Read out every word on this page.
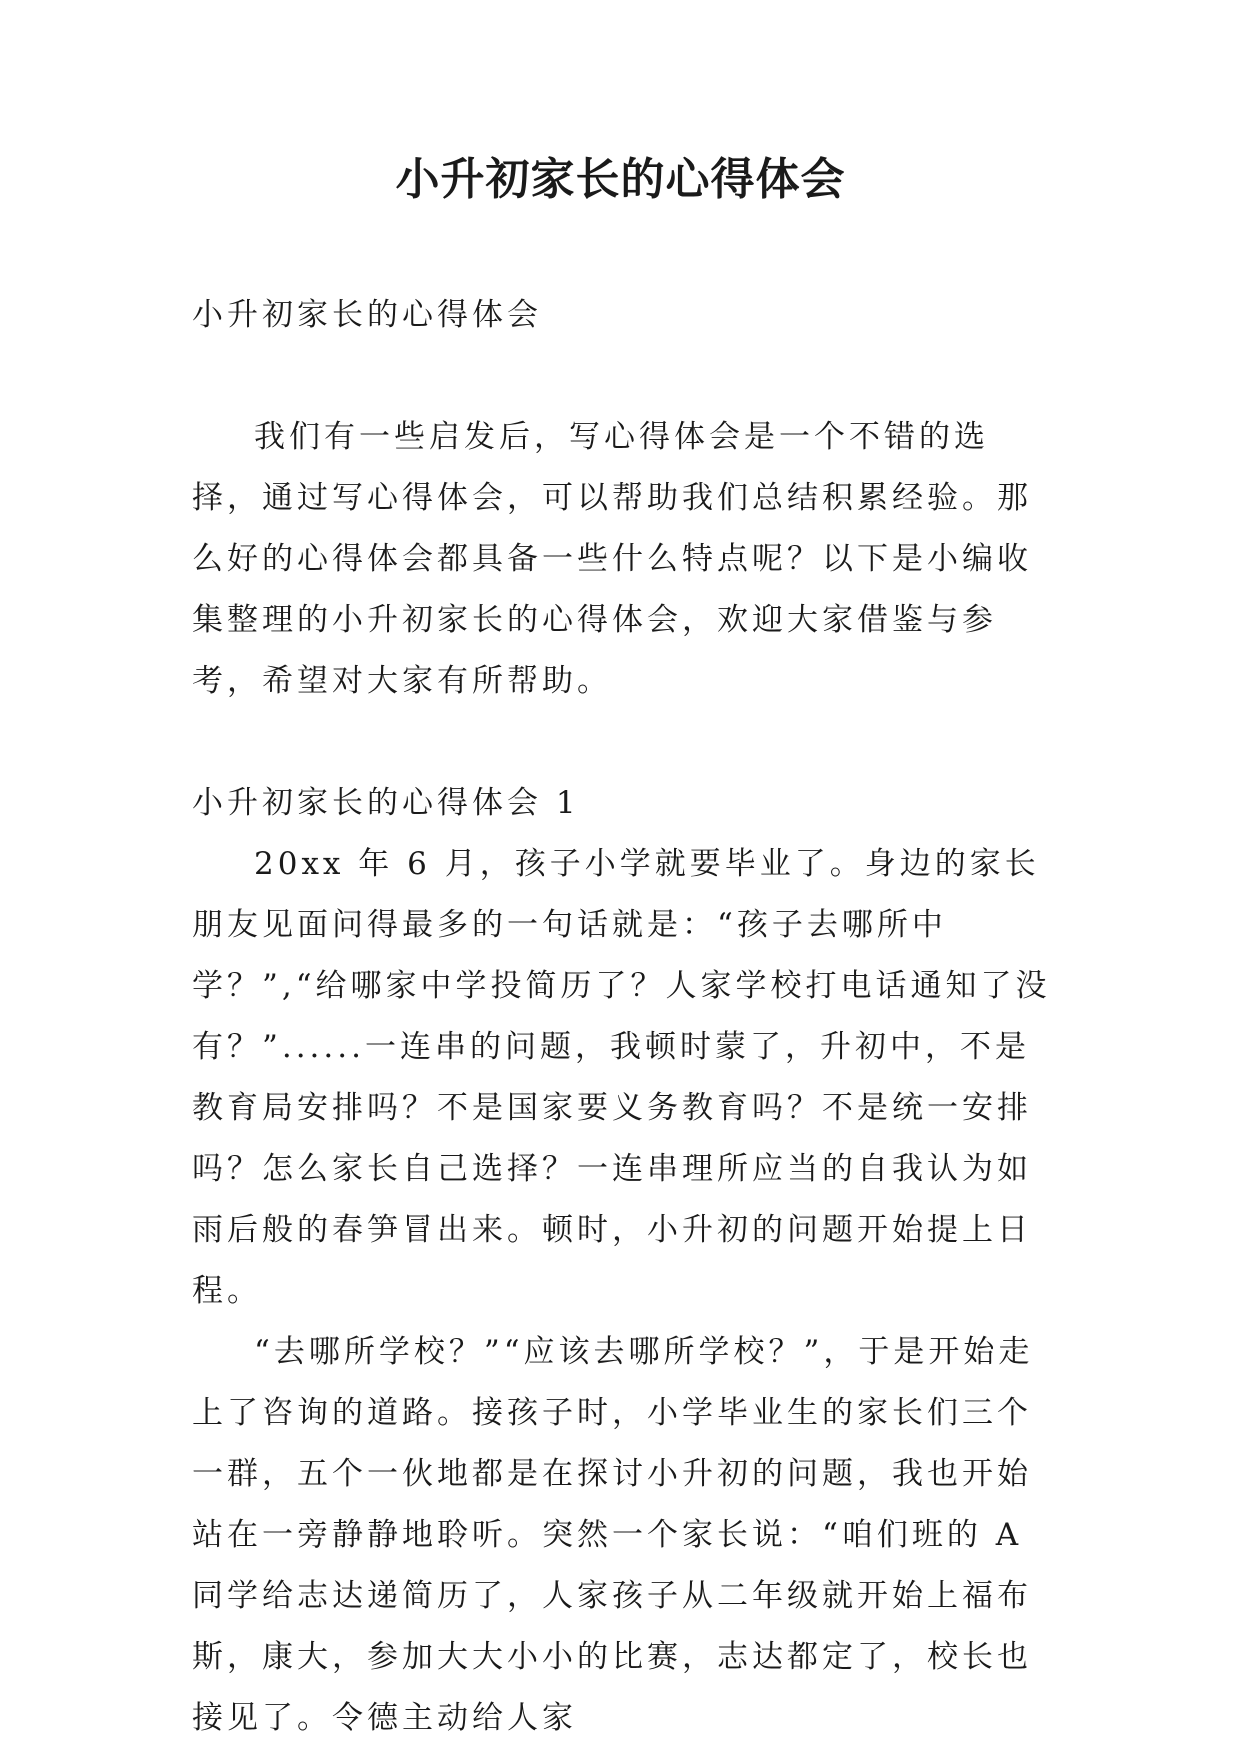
小升初家长的心得体会

小升初家长的心得体会

我们有一些启发后，写心得体会是一个不错的选择，通过写心得体会，可以帮助我们总结积累经验。那么好的心得体会都具备一些什么特点呢？以下是小编收集整理的小升初家长的心得体会，欢迎大家借鉴与参考，希望对大家有所帮助。

小升初家长的心得体会 1

20xx 年 6 月，孩子小学就要毕业了。身边的家长朋友见面问得最多的一句话就是：“孩子去哪所中学？”,“给哪家中学投简历了？人家学校打电话通知了没有？”......一连串的问题，我顿时蒙了，升初中，不是教育局安排吗？不是国家要义务教育吗？不是统一安排吗？怎么家长自己选择？一连串理所应当的自我认为如雨后般的春笋冒出来。顿时，小升初的问题开始提上日程。

“去哪所学校？”“应该去哪所学校？”，于是开始走上了咨询的道路。接孩子时，小学毕业生的家长们三个一群，五个一伙地都是在探讨小升初的问题，我也开始站在一旁静静地聆听。突然一个家长说：“咱们班的 A 同学给志达递简历了，人家孩子从二年级就开始上福布斯，康大，参加大大小小的比赛，志达都定了，校长也接见了。令德主动给人家
